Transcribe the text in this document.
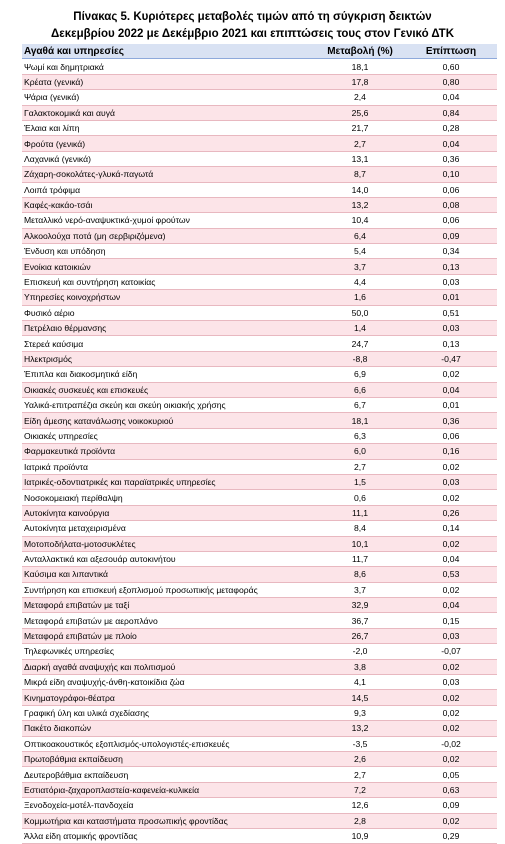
Πίνακας 5. Κυριότερες μεταβολές τιμών από τη σύγκριση δεικτών
Δεκεμβρίου 2022 με Δεκέμβριο 2021 και επιπτώσεις τους στον Γενικό ΔΤΚ
Αγαθά και υπηρεσίες	Μεταβολή (%)	Επίπτωση
Ψωμί και δημητριακά	18,1	0,60
Κρέατα (γενικά)	17,8	0,80
Ψάρια (γενικά)	2,4	0,04
Γαλακτοκομικά και αυγά	25,6	0,84
Έλαια και λίπη	21,7	0,28
Φρούτα (γενικά)	2,7	0,04
Λαχανικά (γενικά)	13,1	0,36
Ζάχαρη-σοκολάτες-γλυκά-παγωτά	8,7	0,10
Λοιπά τρόφιμα	14,0	0,06
Καφές-κακάο-τσάι	13,2	0,08
Μεταλλικό νερό-αναψυκτικά-χυμοί φρούτων	10,4	0,06
Αλκοολούχα ποτά (μη σερβιριζόμενα)	6,4	0,09
Ένδυση και υπόδηση	5,4	0,34
Ενοίκια κατοικιών	3,7	0,13
Επισκευή και συντήρηση κατοικίας	4,4	0,03
Υπηρεσίες κοινοχρήστων	1,6	0,01
Φυσικό αέριο	50,0	0,51
Πετρέλαιο θέρμανσης	1,4	0,03
Στερεά καύσιμα	24,7	0,13
Ηλεκτρισμός	-8,8	-0,47
Έπιπλα και διακοσμητικά είδη	6,9	0,02
Οικιακές συσκευές και επισκευές	6,6	0,04
Υαλικά-επιτραπέζια σκεύη και σκεύη οικιακής χρήσης	6,7	0,01
Είδη άμεσης κατανάλωσης νοικοκυριού	18,1	0,36
Οικιακές υπηρεσίες	6,3	0,06
Φαρμακευτικά προϊόντα	6,0	0,16
Ιατρικά προϊόντα	2,7	0,02
Ιατρικές-οδοντιατρικές και παραϊατρικές υπηρεσίες	1,5	0,03
Νοσοκομειακή περίθαλψη	0,6	0,02
Αυτοκίνητα καινούργια	11,1	0,26
Αυτοκίνητα μεταχειρισμένα	8,4	0,14
Μοτοποδήλατα-μοτοσυκλέτες	10,1	0,02
Ανταλλακτικά και αξεσουάρ αυτοκινήτου	11,7	0,04
Καύσιμα και λιπαντικά	8,6	0,53
Συντήρηση και επισκευή εξοπλισμού προσωπικής μεταφοράς	3,7	0,02
Μεταφορά επιβατών με ταξί	32,9	0,04
Μεταφορά επιβατών με αεροπλάνο	36,7	0,15
Μεταφορά επιβατών με πλοίο	26,7	0,03
Τηλεφωνικές υπηρεσίες	-2,0	-0,07
Διαρκή αγαθά αναψυχής και πολιτισμού	3,8	0,02
Μικρά είδη αναψυχής-άνθη-κατοικίδια ζώα	4,1	0,03
Κινηματογράφοι-θέατρα	14,5	0,02
Γραφική ύλη και υλικά σχεδίασης	9,3	0,02
Πακέτο διακοπών	13,2	0,02
Οπτικοακουστικός εξοπλισμός-υπολογιστές-επισκευές	-3,5	-0,02
Πρωτοβάθμια εκπαίδευση	2,6	0,02
Δευτεροβάθμια εκπαίδευση	2,7	0,05
Εστιατόρια-ζαχαροπλαστεία-καφενεία-κυλικεία	7,2	0,63
Ξενοδοχεία-μοτέλ-πανδοχεία	12,6	0,09
Κομμωτήρια και καταστήματα προσωπικής φροντίδας	2,8	0,02
Άλλα είδη ατομικής φροντίδας	10,9	0,29
